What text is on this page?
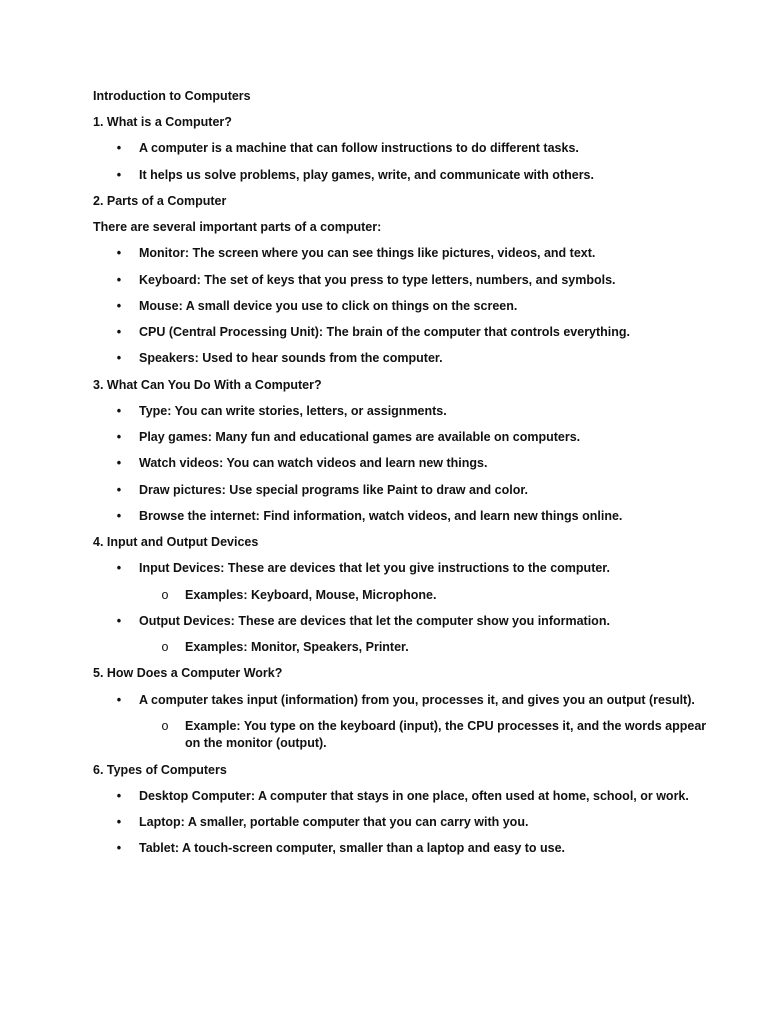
Introduction to Computers
1. What is a Computer?
• A computer is a machine that can follow instructions to do different tasks.
• It helps us solve problems, play games, write, and communicate with others.
2. Parts of a Computer
There are several important parts of a computer:
• Monitor: The screen where you can see things like pictures, videos, and text.
• Keyboard: The set of keys that you press to type letters, numbers, and symbols.
• Mouse: A small device you use to click on things on the screen.
• CPU (Central Processing Unit): The brain of the computer that controls everything.
• Speakers: Used to hear sounds from the computer.
3. What Can You Do With a Computer?
• Type: You can write stories, letters, or assignments.
• Play games: Many fun and educational games are available on computers.
• Watch videos: You can watch videos and learn new things.
• Draw pictures: Use special programs like Paint to draw and color.
• Browse the internet: Find information, watch videos, and learn new things online.
4. Input and Output Devices
• Input Devices: These are devices that let you give instructions to the computer.
o Examples: Keyboard, Mouse, Microphone.
• Output Devices: These are devices that let the computer show you information.
o Examples: Monitor, Speakers, Printer.
5. How Does a Computer Work?
• A computer takes input (information) from you, processes it, and gives you an output (result).
o Example: You type on the keyboard (input), the CPU processes it, and the words appear
on the monitor (output).
6. Types of Computers
• Desktop Computer: A computer that stays in one place, often used at home, school, or work.
• Laptop: A smaller, portable computer that you can carry with you.
• Tablet: A touch-screen computer, smaller than a laptop and easy to use.
